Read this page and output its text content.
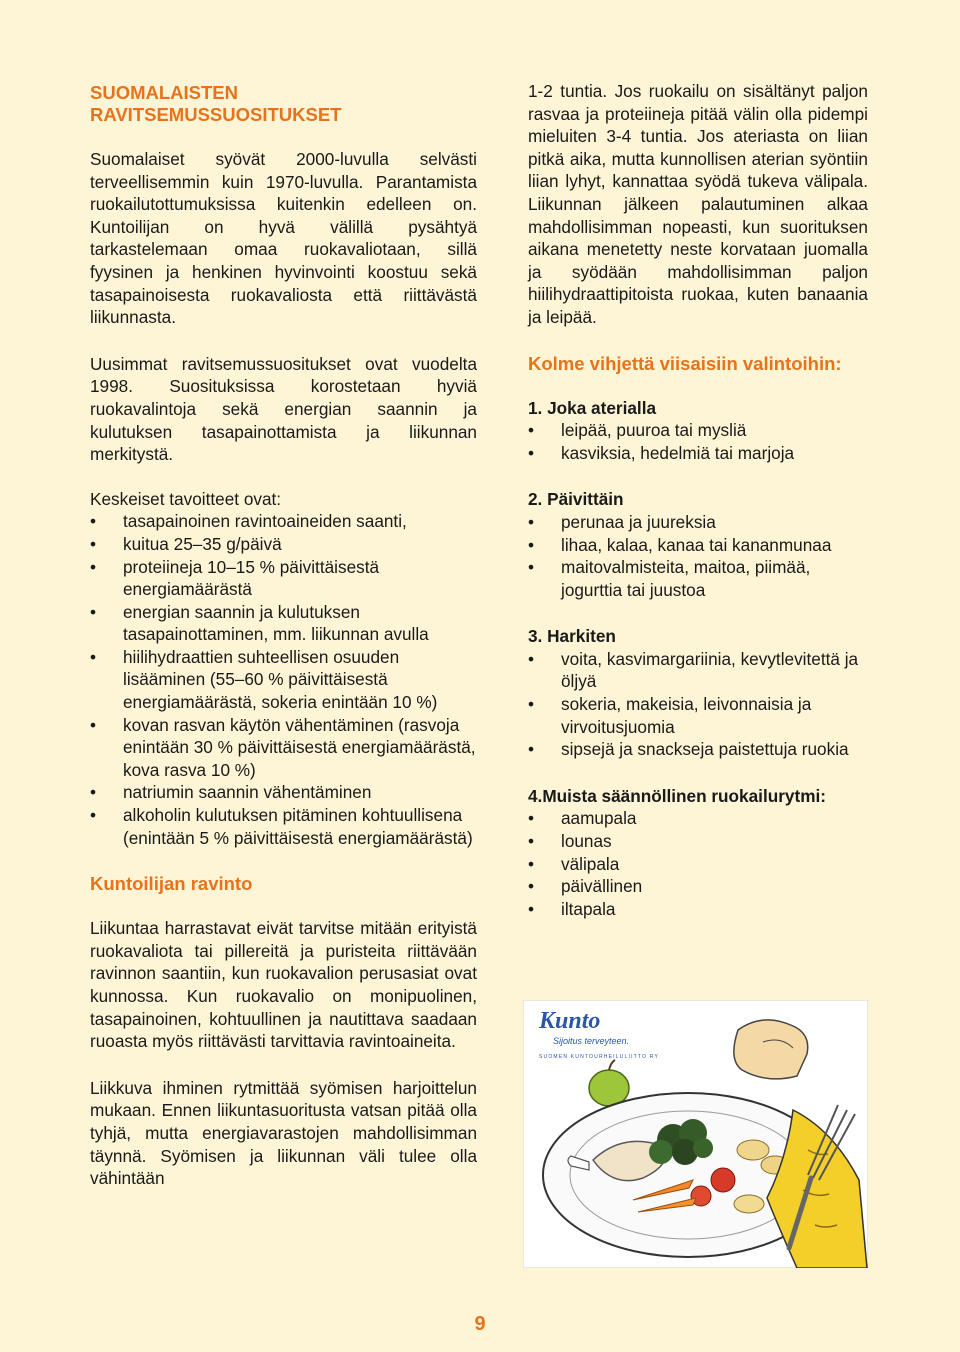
SUOMALAISTEN RAVITSEMUSSUOSITUKSET

Suomalaiset syövät 2000-luvulla selvästi terveellisemmin kuin 1970-luvulla. Parantamista ruokailutottumuksissa kuitenkin edelleen on. Kuntoilijan on hyvä välillä pysähtyä tarkastelemaan omaa ruokavaliotaan, sillä fyysinen ja henkinen hyvinvointi koostuu sekä tasapainoisesta ruokavaliosta että riittävästä liikunnasta.

Uusimmat ravitsemussuositukset ovat vuodelta 1998. Suosituksissa korostetaan hyviä ruokavalintoja sekä energian saannin ja kulutuksen tasapainottamista ja liikunnan merkitystä.

Keskeiset tavoitteet ovat:

• tasapainoinen ravintoaineiden saanti,
• kuitua 25–35 g/päivä
• proteiineja 10–15 % päivittäisestä energiamäärästä
• energian saannin ja kulutuksen tasapainottaminen, mm. liikunnan avulla
• hiilihydraattien suhteellisen osuuden lisääminen (55–60 % päivittäisestä energiamäärästä, sokeria enintään 10 %)
• kovan rasvan käytön vähentäminen (rasvoja enintään 30 % päivittäisestä energiamäärästä, kova rasva 10 %)
• natriumin saannin vähentäminen
• alkoholin kulutuksen pitäminen kohtuullisena (enintään 5 % päivittäisestä energiamäärästä)
Kuntoilijan ravinto

Liikuntaa harrastavat eivät tarvitse mitään erityistä ruokavaliota tai pillereitä ja puristeita riittävään ravinnon saantiin, kun ruokavalion perusasiat ovat kunnossa. Kun ruokavalio on monipuolinen, tasapainoinen, kohtuullinen ja nautittava saadaan ruoasta myös riittävästi tarvittavia ravintoaineita.

Liikkuva ihminen rytmittää syömisen harjoittelun mukaan. Ennen liikuntasuoritusta vatsan pitää olla tyhjä, mutta energiavarastojen mahdollisimman täynnä. Syömisen ja liikunnan väli tulee olla vähintään

1-2 tuntia. Jos ruokailu on sisältänyt paljon rasvaa ja proteiineja pitää välin olla pidempi mieluiten 3-4 tuntia. Jos ateriasta on liian pitkä aika, mutta kunnollisen aterian syöntiin liian lyhyt, kannattaa syödä tukeva välipala. Liikunnan jälkeen palautuminen alkaa mahdollisimman nopeasti, kun suorituksen aikana menetetty neste korvataan juomalla ja syödään mahdollisimman paljon hiilihydraattipitoista ruokaa, kuten banaania ja leipää.

Kolme vihjettä viisaisiin valintoihin:

1. Joka aterialla

• leipää, puuroa tai mysliä
• kasviksia, hedelmiä tai marjoja

2. Päivittäin

• perunaa ja juureksia
• lihaa, kalaa, kanaa tai kananmunaa
• maitovalmisteita, maitoa, piimää, jogurttia tai juustoa

3. Harkiten

• voita, kasvimargariinia, kevytlevitettä ja öljyä
• sokeria, makeisia, leivonnaisia ja virvoitusjuomia
• sipsejä ja snackseja paistettuja ruokia

4.Muista säännöllinen ruokailurytmi:

• aamupala
• lounas
• välipala
• päivällinen
• iltapala
Kunto
Sijoitus terveyteen.
SUOMEN KUNTOURHEILULIITTO RY
9
